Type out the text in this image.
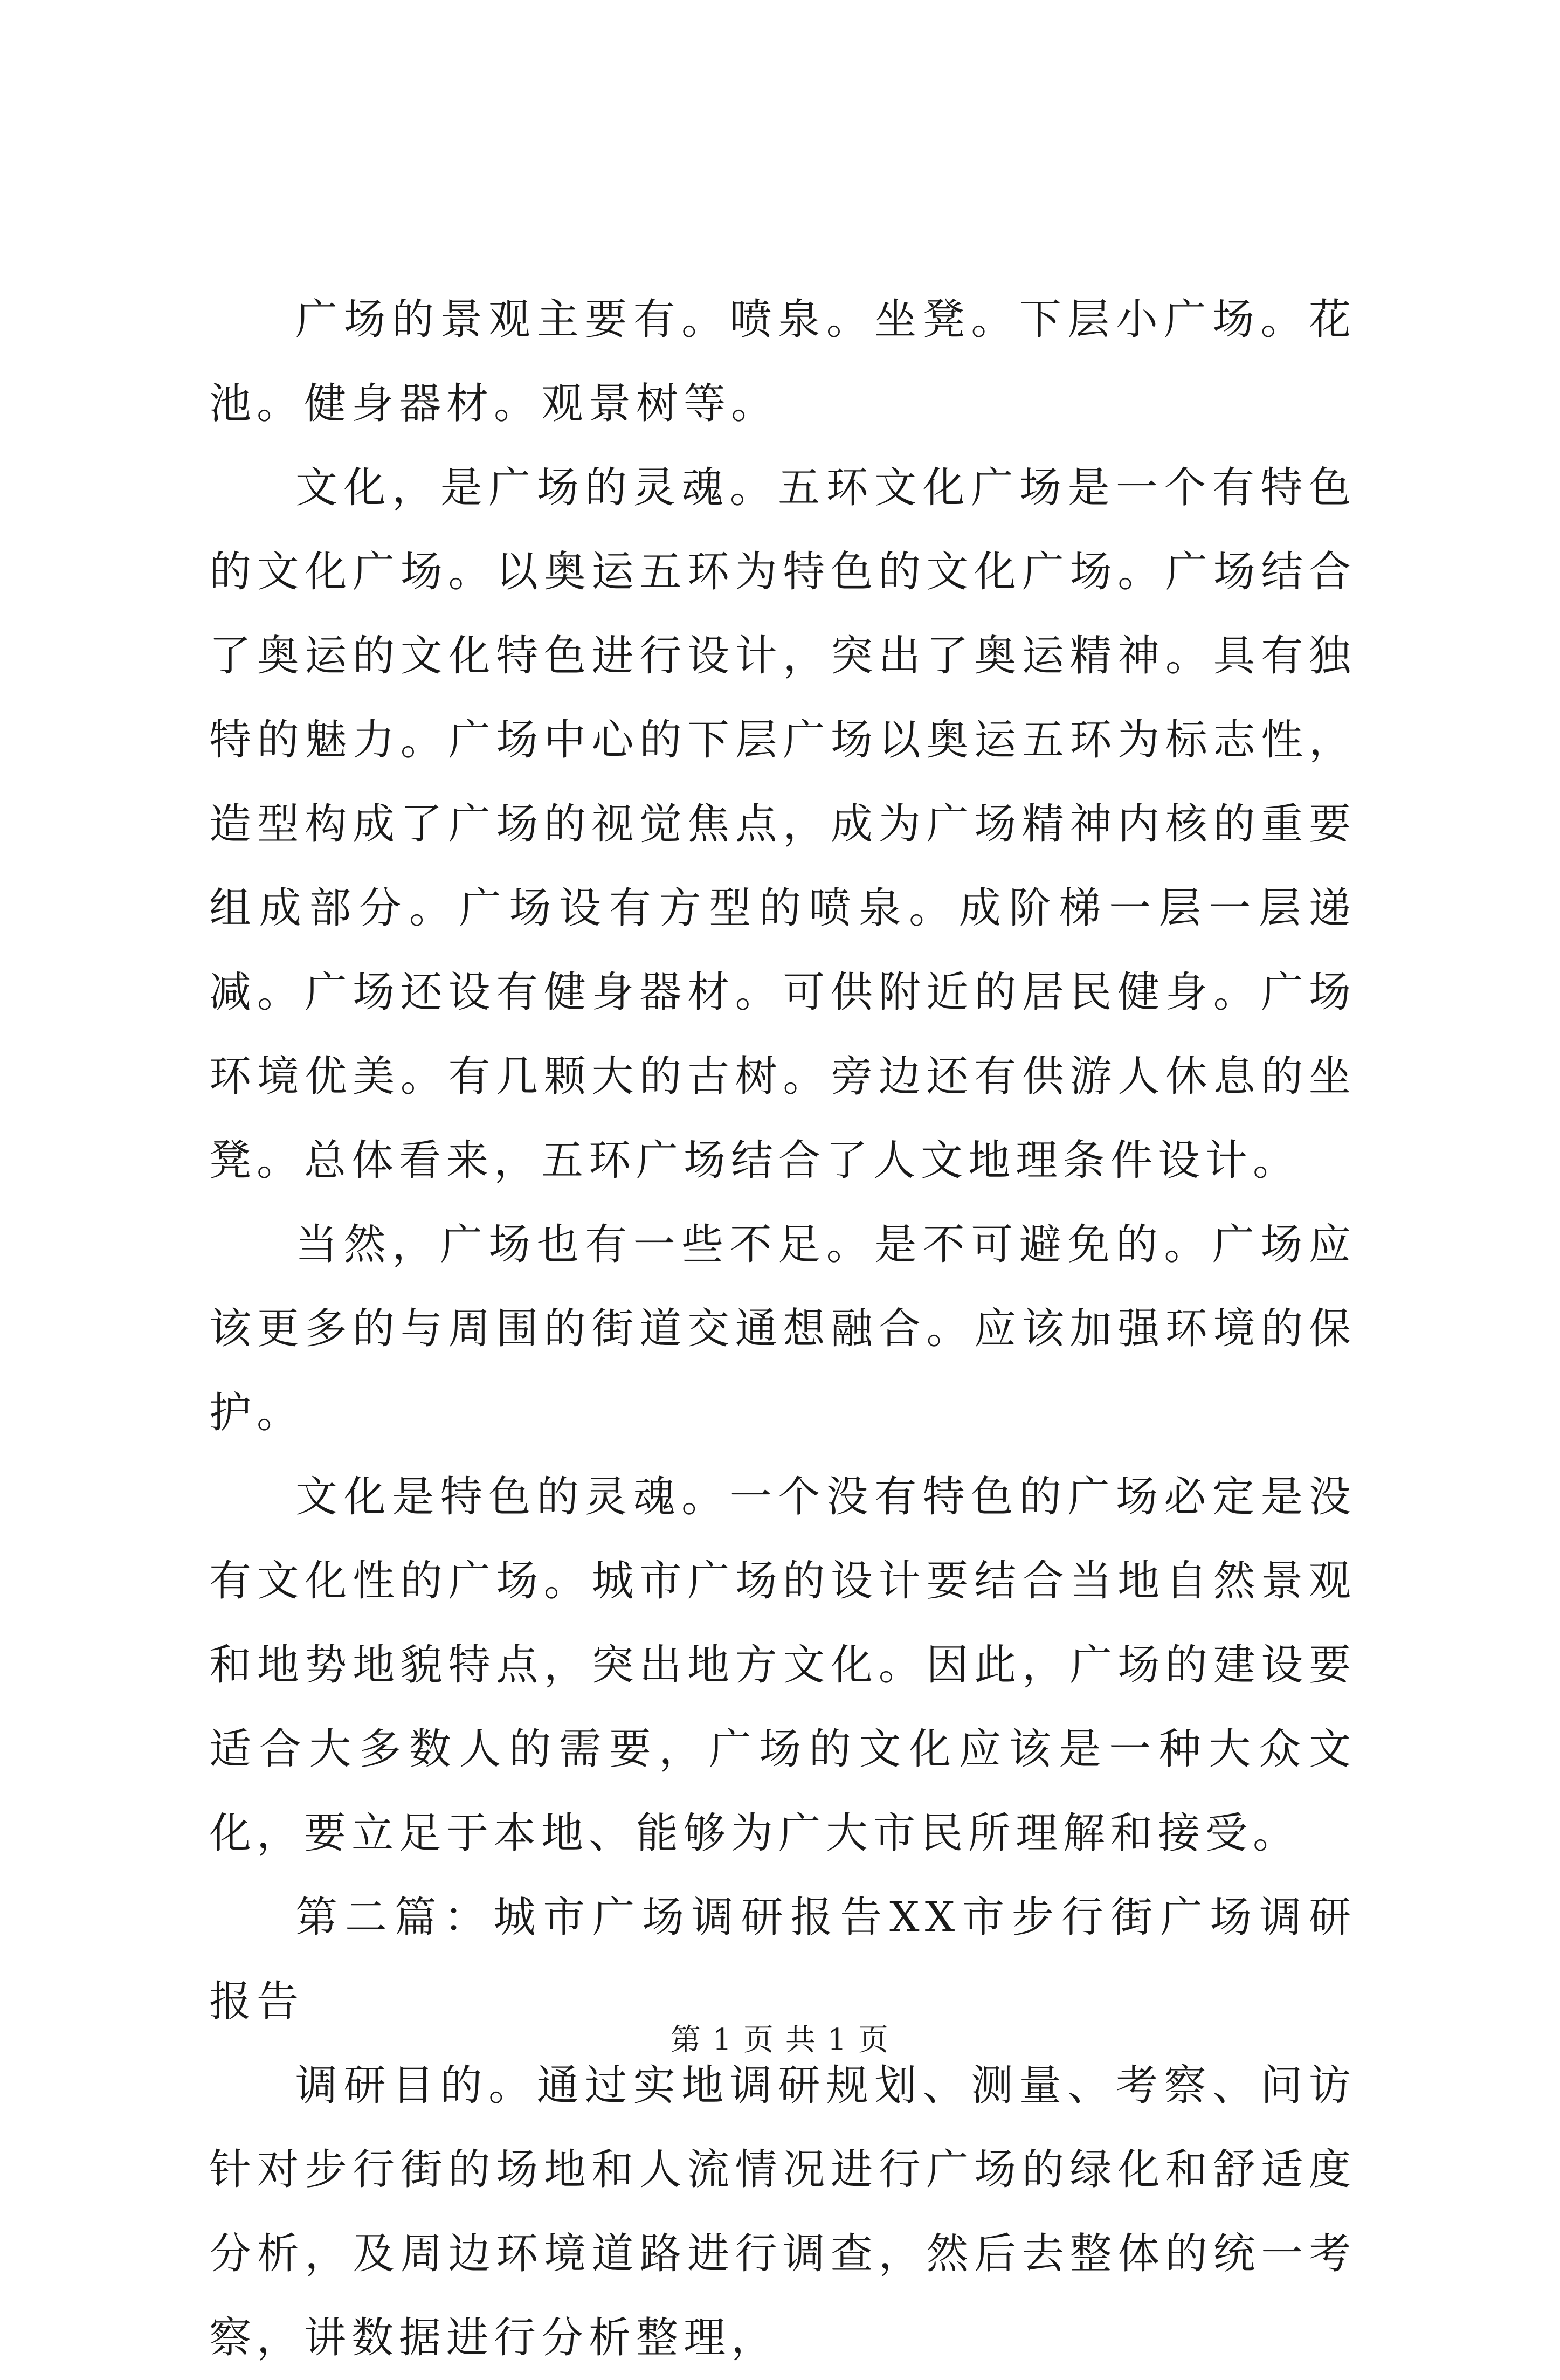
广场的景观主要有。喷泉。坐凳。下层小广场。花池。健身器材。观景树等。

文化，是广场的灵魂。五环文化广场是一个有特色的文化广场。以奥运五环为特色的文化广场。广场结合了奥运的文化特色进行设计，突出了奥运精神。具有独特的魅力。广场中心的下层广场以奥运五环为标志性，造型构成了广场的视觉焦点，成为广场精神内核的重要组成部分。广场设有方型的喷泉。成阶梯一层一层递减。广场还设有健身器材。可供附近的居民健身。广场环境优美。有几颗大的古树。旁边还有供游人休息的坐凳。总体看来，五环广场结合了人文地理条件设计。

当然，广场也有一些不足。是不可避免的。广场应该更多的与周围的街道交通想融合。应该加强环境的保护。

文化是特色的灵魂。一个没有特色的广场必定是没有文化性的广场。城市广场的设计要结合当地自然景观和地势地貌特点，突出地方文化。因此，广场的建设要适合大多数人的需要，广场的文化应该是一种大众文化，要立足于本地、能够为广大市民所理解和接受。

第二篇：城市广场调研报告XX市步行街广场调研报告

调研目的。通过实地调研规划、测量、考察、问访针对步行街的场地和人流情况进行广场的绿化和舒适度分析，及周边环境道路进行调查，然后去整体的统一考察，讲数据进行分析整理，

第 1 页 共 1 页
